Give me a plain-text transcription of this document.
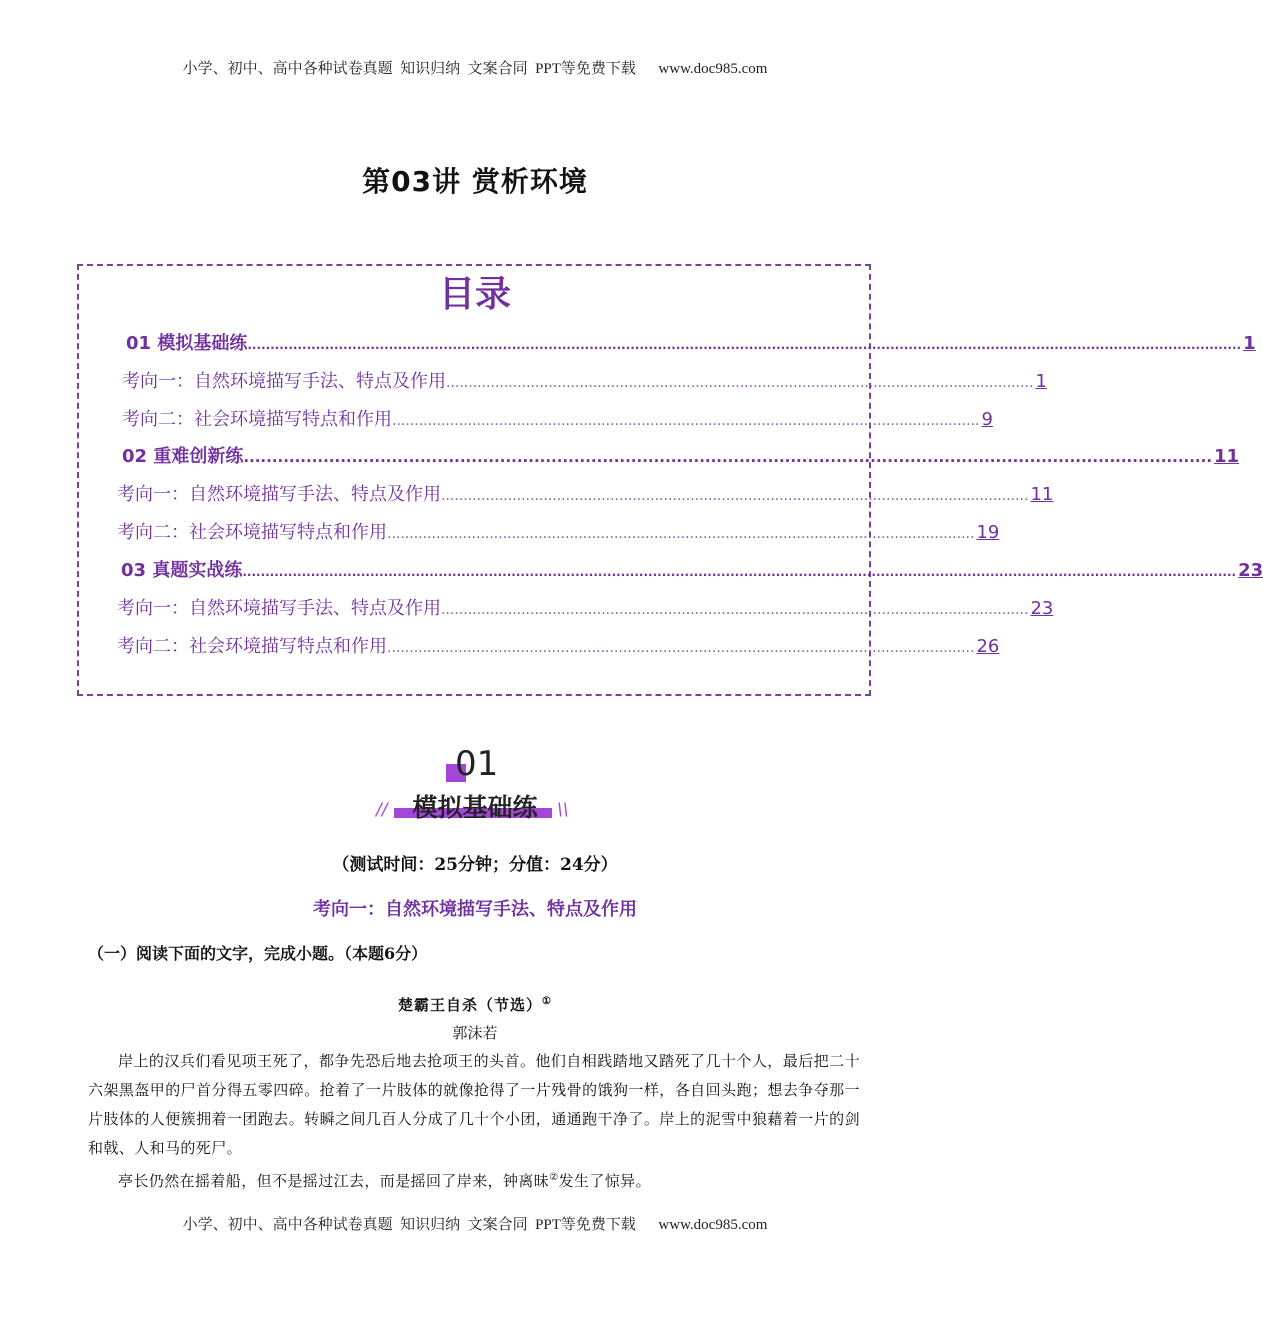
小学、初中、高中各种试卷真题  知识归纳  文案合同  PPT等免费下载      www.doc985.com
第03讲 赏析环境
目录
01 模拟基础练 .......................................................................................................................................................................................................................... 1
考向一：自然环境描写手法、特点及作用 .................................................................................................................................... 1
考向二：社会环境描写特点和作用 .................................................................................................................................... 9
02 重难创新练 .......................................................................................................................................................................... 11
考向一：自然环境描写手法、特点及作用 .................................................................................................................................... 11
考向二：社会环境描写特点和作用 .................................................................................................................................... 19
03 真题实战练 .......................................................................................................................................................................................................................... 23
考向一：自然环境描写手法、特点及作用 .................................................................................................................................... 23
考向二：社会环境描写特点和作用 .................................................................................................................................... 26
01
模拟基础练
//	\\
（测试时间：25分钟；分值：24分）
考向一：自然环境描写手法、特点及作用
（一）阅读下面的文字，完成小题。（本题6分）
楚霸王自杀（节选）①
郭沫若
岸上的汉兵们看见项王死了，都争先恐后地去抢项王的头首。他们自相践踏地又踏死了几十个人，最后把二十六架黑盔甲的尸首分得五零四碎。抢着了一片肢体的就像抢得了一片残骨的饿狗一样，各自回头跑；想去争夺那一片肢体的人便簇拥着一团跑去。转瞬之间几百人分成了几十个小团，通通跑干净了。岸上的泥雪中狼藉着一片的剑和戟、人和马的死尸。
亭长仍然在摇着船，但不是摇过江去，而是摇回了岸来，钟离昧②发生了惊异。
小学、初中、高中各种试卷真题  知识归纳  文案合同  PPT等免费下载      www.doc985.com
